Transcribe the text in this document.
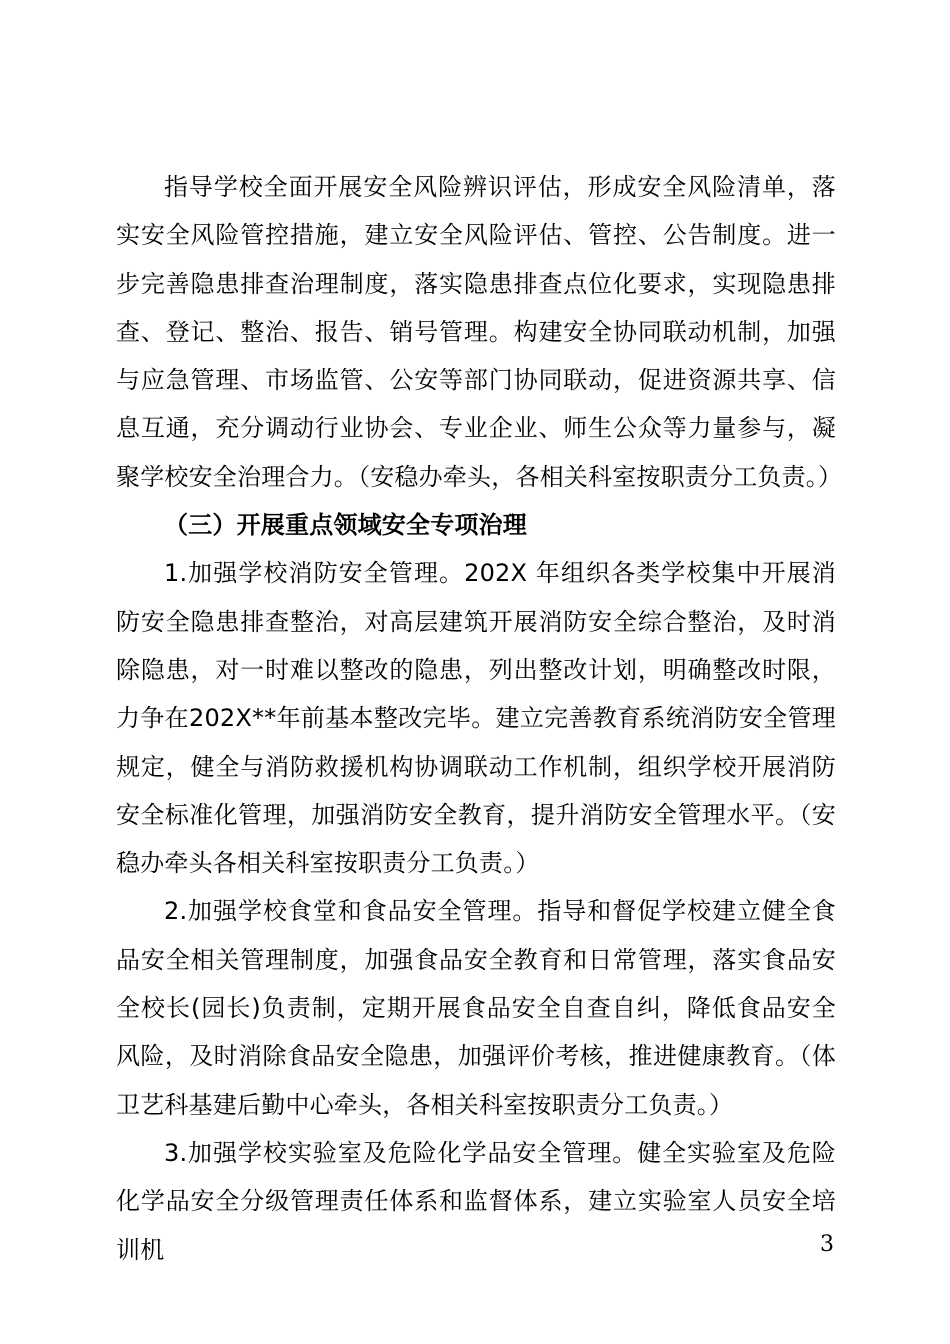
指导学校全面开展安全风险辨识评估，形成安全风险清单，落实安全风险管控措施，建立安全风险评估、管控、公告制度。进一步完善隐患排查治理制度，落实隐患排查点位化要求，实现隐患排查、登记、整治、报告、销号管理。构建安全协同联动机制，加强与应急管理、市场监管、公安等部门协同联动，促进资源共享、信息互通，充分调动行业协会、专业企业、师生公众等力量参与，凝聚学校安全治理合力。（安稳办牵头，各相关科室按职责分工负责。）

（三）开展重点领域安全专项治理

1.加强学校消防安全管理。202X 年组织各类学校集中开展消防安全隐患排查整治，对高层建筑开展消防安全综合整治，及时消除隐患，对一时难以整改的隐患，列出整改计划，明确整改时限，力争在202X**年前基本整改完毕。建立完善教育系统消防安全管理规定，健全与消防救援机构协调联动工作机制，组织学校开展消防安全标准化管理，加强消防安全教育，提升消防安全管理水平。（安稳办牵头各相关科室按职责分工负责。）

2.加强学校食堂和食品安全管理。指导和督促学校建立健全食品安全相关管理制度，加强食品安全教育和日常管理，落实食品安全校长(园长)负责制，定期开展食品安全自查自纠，降低食品安全风险，及时消除食品安全隐患，加强评价考核，推进健康教育。（体卫艺科基建后勤中心牵头，各相关科室按职责分工负责。）

3.加强学校实验室及危险化学品安全管理。健全实验室及危险化学品安全分级管理责任体系和监督体系，建立实验室人员安全培训机	3
